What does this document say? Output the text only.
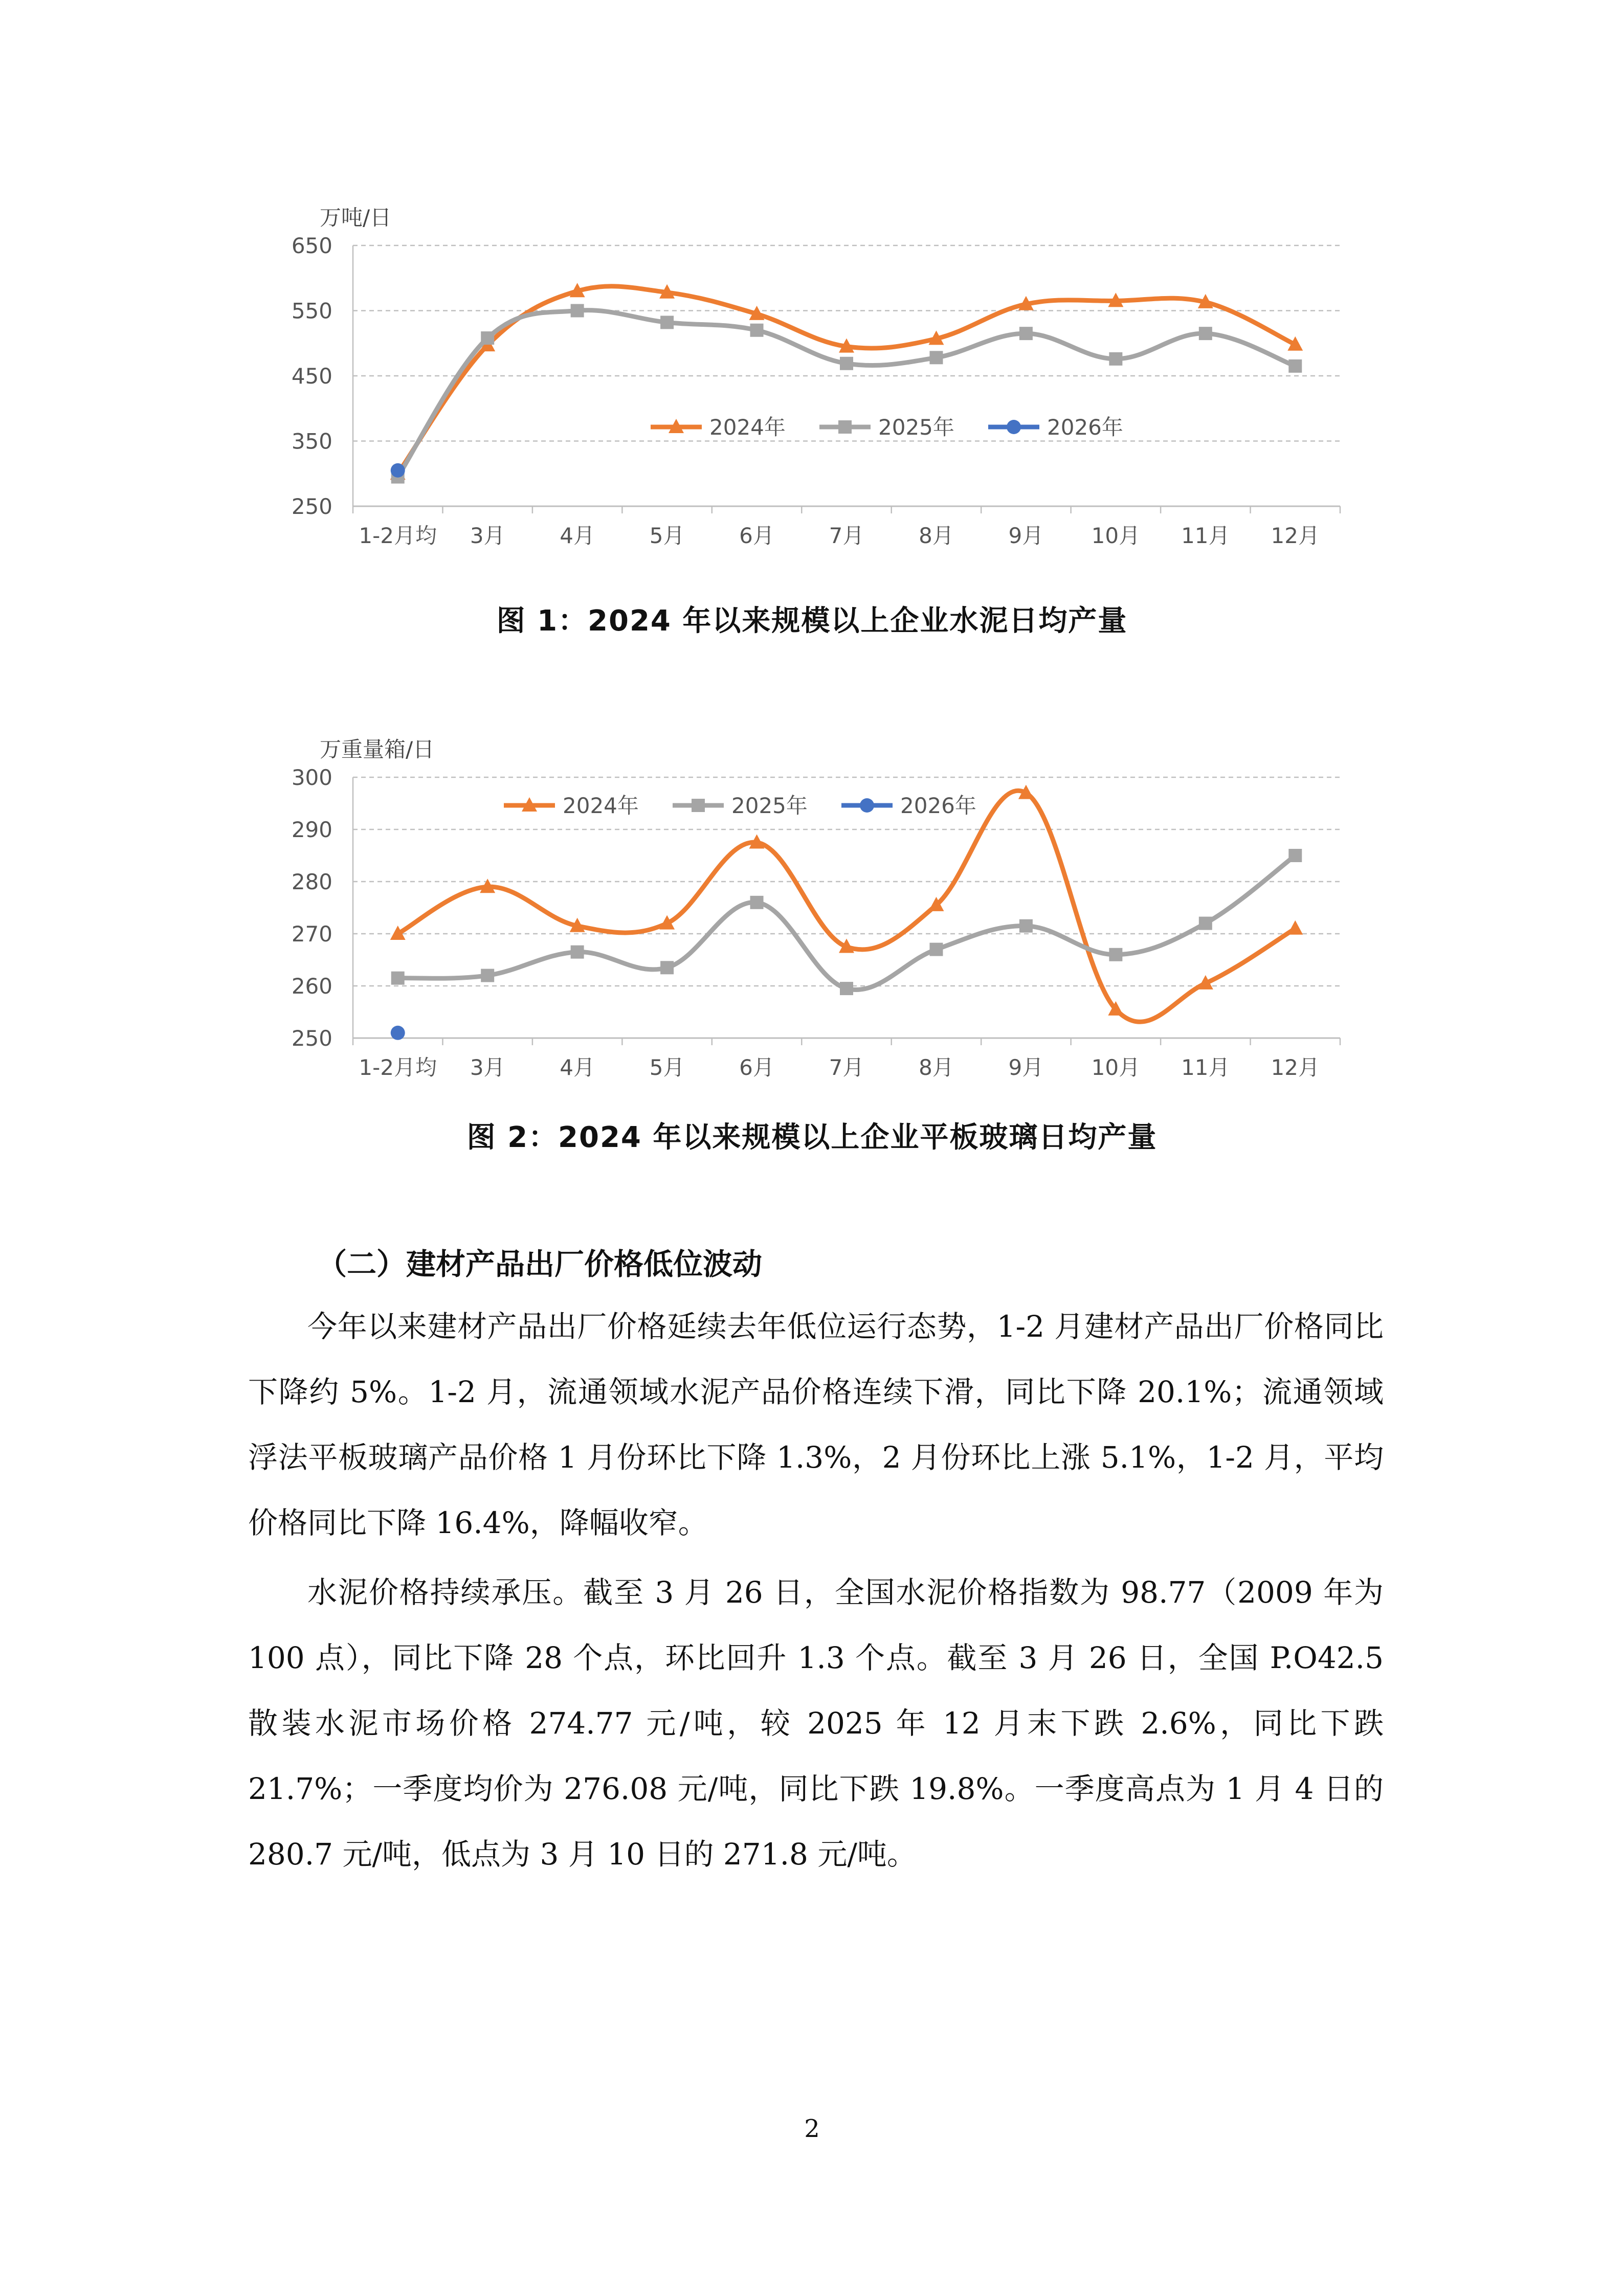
万吨/日
650
550
450
350
250
1-2月均 3月	4月	5月	6月	7月	8月	9月 10月 11月 12月
2024年	2025年	2026年
图 1：2024 年以来规模以上企业水泥日均产量
万重量箱/日
300
290
280
270
260
250
1-2月均 3月	4月	5月	6月	7月	8月	9月 10月 11月 12月
2024年	2025年	2026年
图 2：2024 年以来规模以上企业平板玻璃日均产量
（二）建材产品出厂价格低位波动

今年以来建材产品出厂价格延续去年低位运行态势，1-2 月建材产品出厂价格同比下降约 5%。1-2 月，流通领域水泥产品价格连续下滑，同比下降 20.1%；流通领域浮法平板玻璃产品价格 1 月份环比下降 1.3%，2 月份环比上涨 5.1%，1-2 月，平均价格同比下降 16.4%，降幅收窄。

水泥价格持续承压。截至 3 月 26 日，全国水泥价格指数为 98.77（2009 年为 100 点），同比下降 28 个点，环比回升 1.3 个点。截至 3 月 26 日，全国 P.O42.5 散装水泥市场价格 274.77 元/吨，较 2025 年 12 月末下跌 2.6%，同比下跌 21.7%；一季度均价为 276.08 元/吨，同比下跌 19.8%。一季度高点为 1 月 4 日的 280.7 元/吨，低点为 3 月 10 日的 271.8 元/吨。

2
